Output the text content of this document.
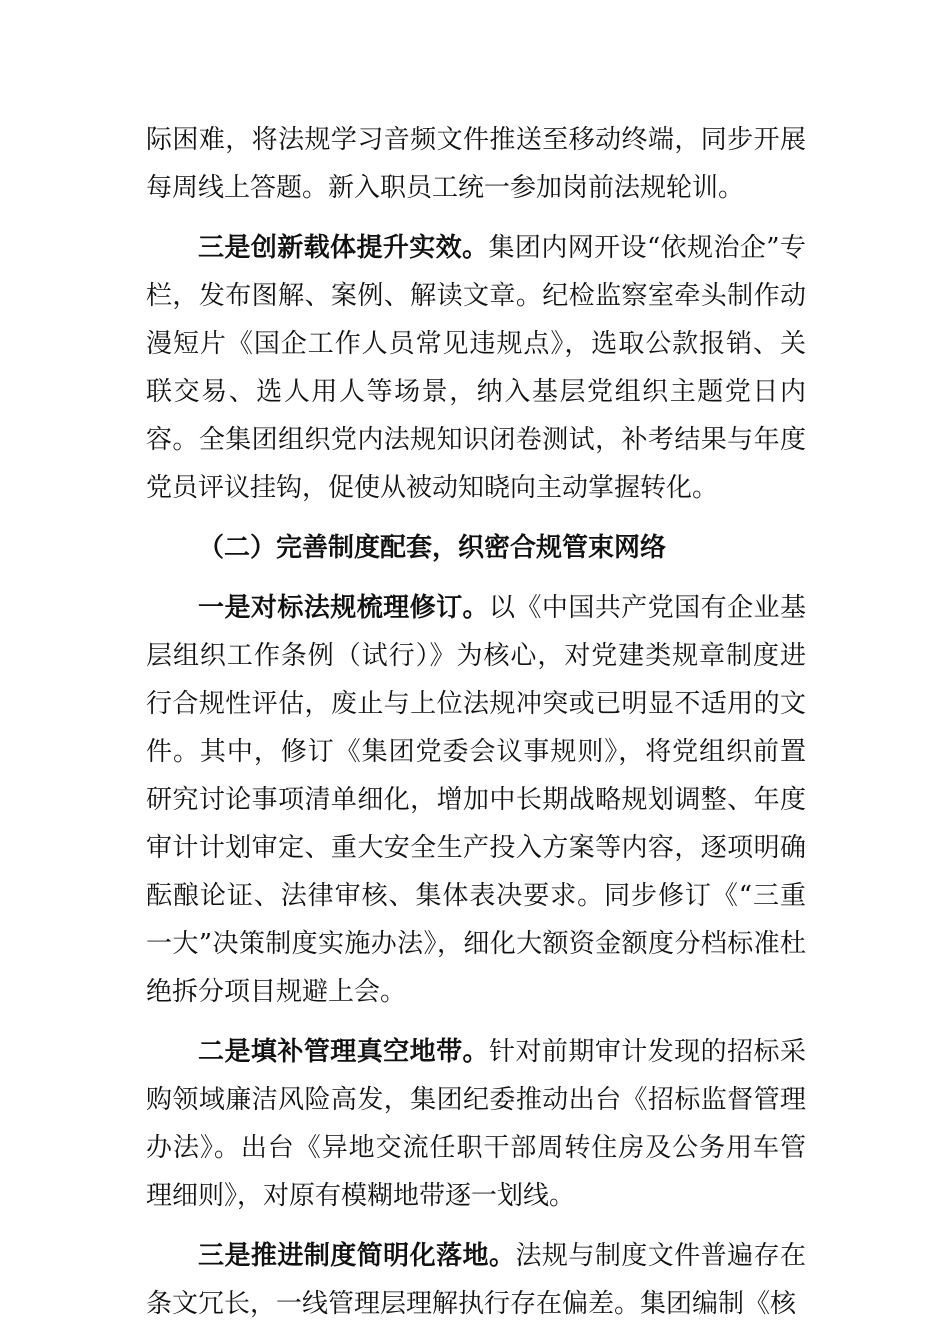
际困难，将法规学习音频文件推送至移动终端，同步开展每周线上答题。新入职员工统一参加岗前法规轮训。

三是创新载体提升实效。集团内网开设“依规治企”专栏，发布图解、案例、解读文章。纪检监察室牵头制作动漫短片《国企工作人员常见违规点》，选取公款报销、关联交易、选人用人等场景，纳入基层党组织主题党日内容。全集团组织党内法规知识闭卷测试，补考结果与年度党员评议挂钩，促使从被动知晓向主动掌握转化。

（二）完善制度配套，织密合规管束网络

一是对标法规梳理修订。以《中国共产党国有企业基层组织工作条例（试行）》为核心，对党建类规章制度进行合规性评估，废止与上位法规冲突或已明显不适用的文件。其中，修订《集团党委会议事规则》，将党组织前置研究讨论事项清单细化，增加中长期战略规划调整、年度审计计划审定、重大安全生产投入方案等内容，逐项明确酝酿论证、法律审核、集体表决要求。同步修订《“三重一大”决策制度实施办法》，细化大额资金额度分档标准杜绝拆分项目规避上会。

二是填补管理真空地带。针对前期审计发现的招标采购领域廉洁风险高发，集团纪委推动出台《招标监督管理办法》。出台《异地交流任职干部周转住房及公务用车管理细则》，对原有模糊地带逐一划线。

三是推进制度简明化落地。法规与制度文件普遍存在条文冗长，一线管理层理解执行存在偏差。集团编制《核
